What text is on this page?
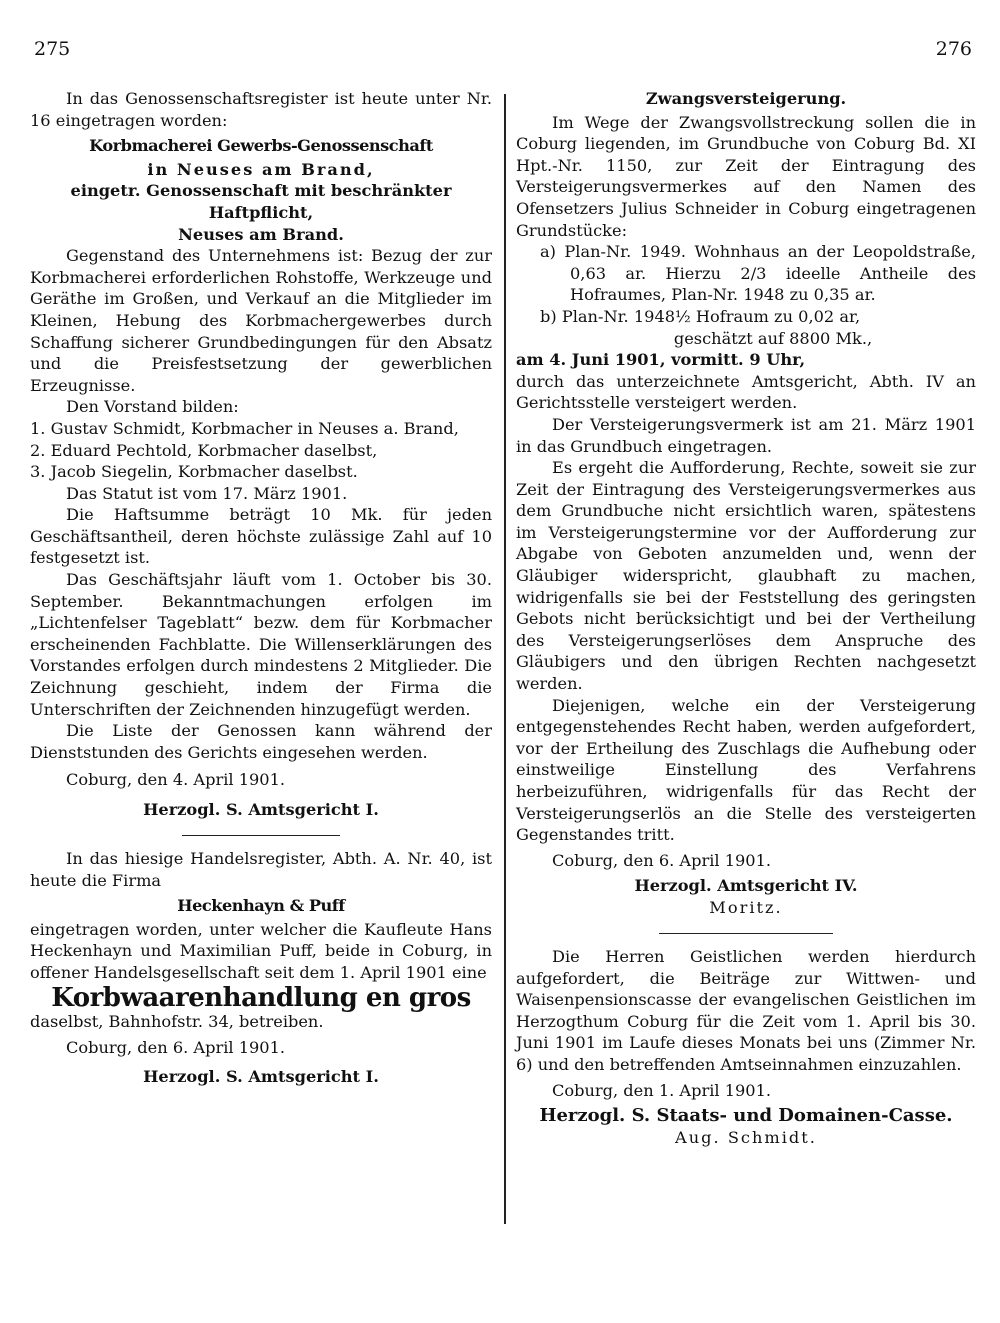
275	276

In das Genossenschaftsregister ist heute unter Nr. 16 eingetragen worden:

Korbmacherei Gewerbs-Genossenschaft

in Neuses am Brand,

eingetr. Genossenschaft mit beschränkter Haftpflicht,

Neuses am Brand.

Gegenstand des Unternehmens ist: Bezug der zur Korbmacherei erforderlichen Rohstoffe, Werkzeuge und Geräthe im Großen, und Verkauf an die Mitglieder im Kleinen, Hebung des Korbmachergewerbes durch Schaffung sicherer Grundbedingungen für den Absatz und die Preisfestsetzung der gewerblichen Erzeugnisse.

Den Vorstand bilden:

1. Gustav Schmidt, Korbmacher in Neuses a. Brand,

2. Eduard Pechtold, Korbmacher daselbst,

3. Jacob Siegelin, Korbmacher daselbst.

Das Statut ist vom 17. März 1901.

Die Haftsumme beträgt 10 Mk. für jeden Geschäftsantheil, deren höchste zulässige Zahl auf 10 festgesetzt ist.

Das Geschäftsjahr läuft vom 1. October bis 30. September. Bekanntmachungen erfolgen im „Lichtenfelser Tageblatt“ bezw. dem für Korbmacher erscheinenden Fachblatte. Die Willenserklärungen des Vorstandes erfolgen durch mindestens 2 Mitglieder. Die Zeichnung geschieht, indem der Firma die Unterschriften der Zeichnenden hinzugefügt werden.

Die Liste der Genossen kann während der Dienststunden des Gerichts eingesehen werden.

Coburg, den 4. April 1901.

Herzogl. S. Amtsgericht I.

In das hiesige Handelsregister, Abth. A. Nr. 40, ist heute die Firma

Heckenhayn & Puff

eingetragen worden, unter welcher die Kaufleute Hans Heckenhayn und Maximilian Puff, beide in Coburg, in offener Handelsgesellschaft seit dem 1. April 1901 eine

Korbwaarenhandlung en gros

daselbst, Bahnhofstr. 34, betreiben.

Coburg, den 6. April 1901.

Herzogl. S. Amtsgericht I.

Zwangsversteigerung.

Im Wege der Zwangsvollstreckung sollen die in Coburg liegenden, im Grundbuche von Coburg Bd. XI Hpt.-Nr. 1150, zur Zeit der Eintragung des Versteigerungsvermerkes auf den Namen des Ofensetzers Julius Schneider in Coburg eingetragenen Grundstücke:

a) Plan-Nr. 1949. Wohnhaus an der Leopoldstraße, 0,63 ar. Hierzu 2/3 ideelle Antheile des Hofraumes, Plan-Nr. 1948 zu 0,35 ar.

b) Plan-Nr. 1948½ Hofraum zu 0,02 ar,

geschätzt auf 8800 Mk.,

am 4. Juni 1901, vormitt. 9 Uhr,

durch das unterzeichnete Amtsgericht, Abth. IV an Gerichtsstelle versteigert werden.

Der Versteigerungsvermerk ist am 21. März 1901 in das Grundbuch eingetragen.

Es ergeht die Aufforderung, Rechte, soweit sie zur Zeit der Eintragung des Versteigerungsvermerkes aus dem Grundbuche nicht ersichtlich waren, spätestens im Versteigerungstermine vor der Aufforderung zur Abgabe von Geboten anzumelden und, wenn der Gläubiger widerspricht, glaubhaft zu machen, widrigenfalls sie bei der Feststellung des geringsten Gebots nicht berücksichtigt und bei der Vertheilung des Versteigerungserlöses dem Anspruche des Gläubigers und den übrigen Rechten nachgesetzt werden.

Diejenigen, welche ein der Versteigerung entgegenstehendes Recht haben, werden aufgefordert, vor der Ertheilung des Zuschlags die Aufhebung oder einstweilige Einstellung des Verfahrens herbeizuführen, widrigenfalls für das Recht der Versteigerungserlös an die Stelle des versteigerten Gegenstandes tritt.

Coburg, den 6. April 1901.

Herzogl. Amtsgericht IV.

Moritz.

Die Herren Geistlichen werden hierdurch aufgefordert, die Beiträge zur Wittwen- und Waisenpensionscasse der evangelischen Geistlichen im Herzogthum Coburg für die Zeit vom 1. April bis 30. Juni 1901 im Laufe dieses Monats bei uns (Zimmer Nr. 6) und den betreffenden Amtseinnahmen einzuzahlen.

Coburg, den 1. April 1901.

Herzogl. S. Staats- und Domainen-Casse.

Aug. Schmidt.
